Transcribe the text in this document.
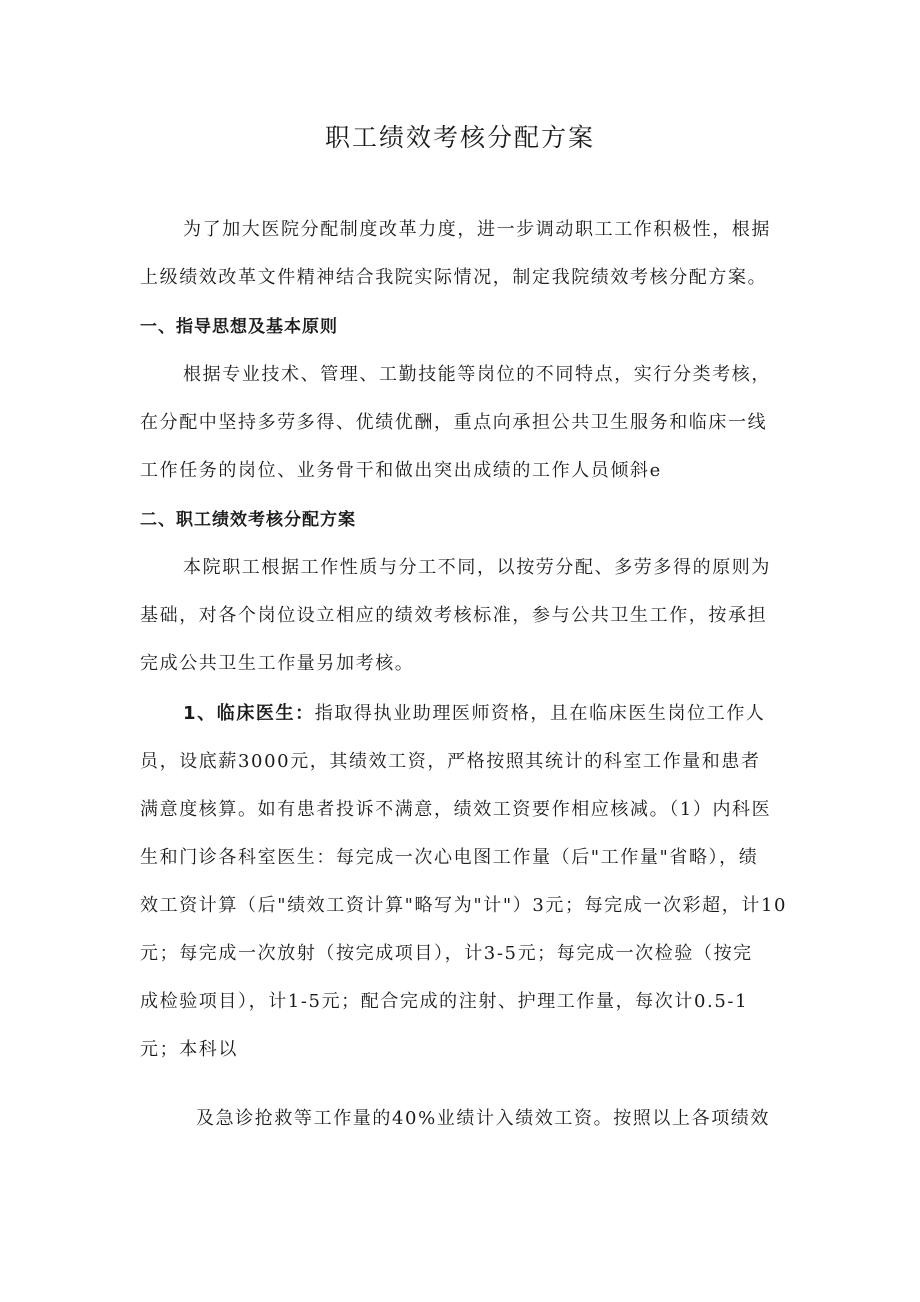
职工绩效考核分配方案
为了加大医院分配制度改革力度，进一步调动职工工作积极性，根据
上级绩效改革文件精神结合我院实际情况，制定我院绩效考核分配方案。
一、指导思想及基本原则
根据专业技术、管理、工勤技能等岗位的不同特点，实行分类考核，
在分配中坚持多劳多得、优绩优酬，重点向承担公共卫生服务和临床一线
工作任务的岗位、业务骨干和做出突出成绩的工作人员倾斜e
二、职工绩效考核分配方案
本院职工根据工作性质与分工不同，以按劳分配、多劳多得的原则为
基础，对各个岗位设立相应的绩效考核标准，参与公共卫生工作，按承担
完成公共卫生工作量另加考核。
1、临床医生：指取得执业助理医师资格，且在临床医生岗位工作人
员，设底薪3000元，其绩效工资，严格按照其统计的科室工作量和患者
满意度核算。如有患者投诉不满意，绩效工资要作相应核减。（1）内科医
生和门诊各科室医生：每完成一次心电图工作量（后"工作量"省略），绩
效工资计算（后"绩效工资计算"略写为"计"）3元；每完成一次彩超，计10
元；每完成一次放射（按完成项目），计3-5元；每完成一次检验（按完
成检验项目），计1-5元；配合完成的注射、护理工作量，每次计0.5-1
元；本科以
及急诊抢救等工作量的40%业绩计入绩效工资。按照以上各项绩效
